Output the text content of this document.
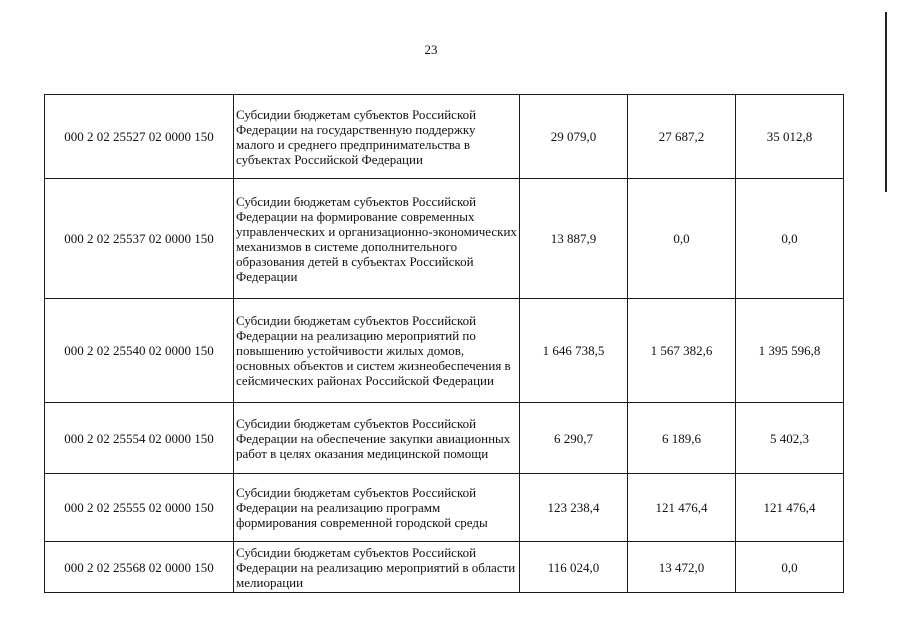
23
000 2 02 25527 02 0000 150	Субсидии бюджетам субъектов Российской Федерации на государственную поддержку малого и среднего предпринимательства в субъектах Российской Федерации	29 079,0	27 687,2	35 012,8
000 2 02 25537 02 0000 150	Субсидии бюджетам субъектов Российской Федерации на формирование современных управленческих и организационно-экономических механизмов в системе дополнительного образования детей в субъектах Российской Федерации	13 887,9	0,0	0,0
000 2 02 25540 02 0000 150	Субсидии бюджетам субъектов Российской Федерации на реализацию мероприятий по повышению устойчивости жилых домов, основных объектов и систем жизнеобеспечения в сейсмических районах Российской Федерации	1 646 738,5	1 567 382,6	1 395 596,8
000 2 02 25554 02 0000 150	Субсидии бюджетам субъектов Российской Федерации на обеспечение закупки авиационных работ в целях оказания медицинской помощи	6 290,7	6 189,6	5 402,3
000 2 02 25555 02 0000 150	Субсидии бюджетам субъектов Российской Федерации на реализацию программ формирования современной городской среды	123 238,4	121 476,4	121 476,4
000 2 02 25568 02 0000 150	Субсидии бюджетам субъектов Российской Федерации на реализацию мероприятий в области мелиорации	116 024,0	13 472,0	0,0
